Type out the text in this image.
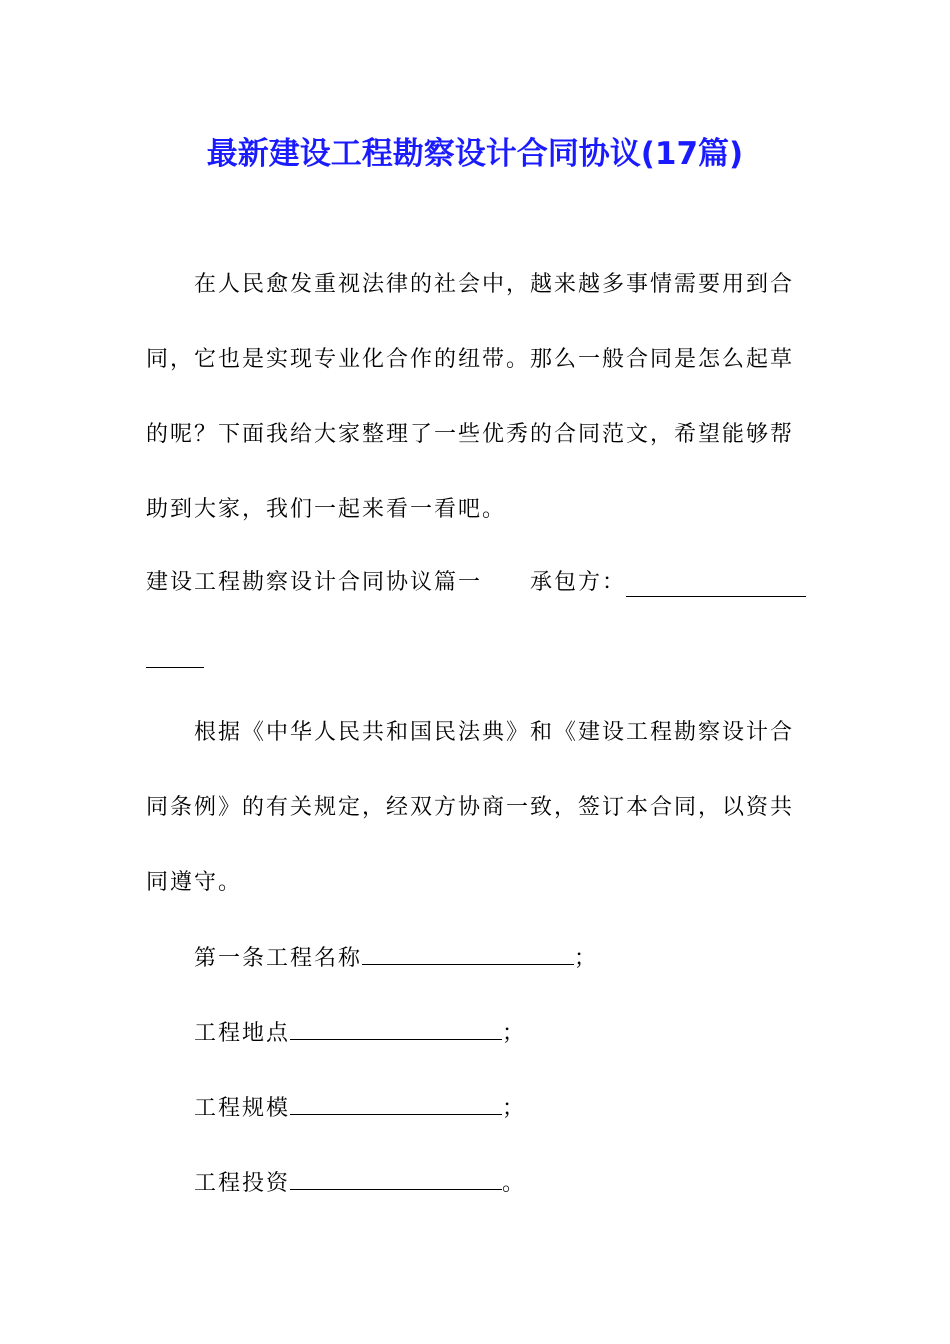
最新建设工程勘察设计合同协议(17篇)
在人民愈发重视法律的社会中，越来越多事情需要用到合
同，它也是实现专业化合作的纽带。那么一般合同是怎么起草
的呢？下面我给大家整理了一些优秀的合同范文，希望能够帮
助到大家，我们一起来看一看吧。
建设工程勘察设计合同协议篇一 承包方：
根据《中华人民共和国民法典》和《建设工程勘察设计合
同条例》的有关规定，经双方协商一致，签订本合同，以资共
同遵守。
第一条工程名称	；
工程地点	；
工程规模	；
工程投资	。
